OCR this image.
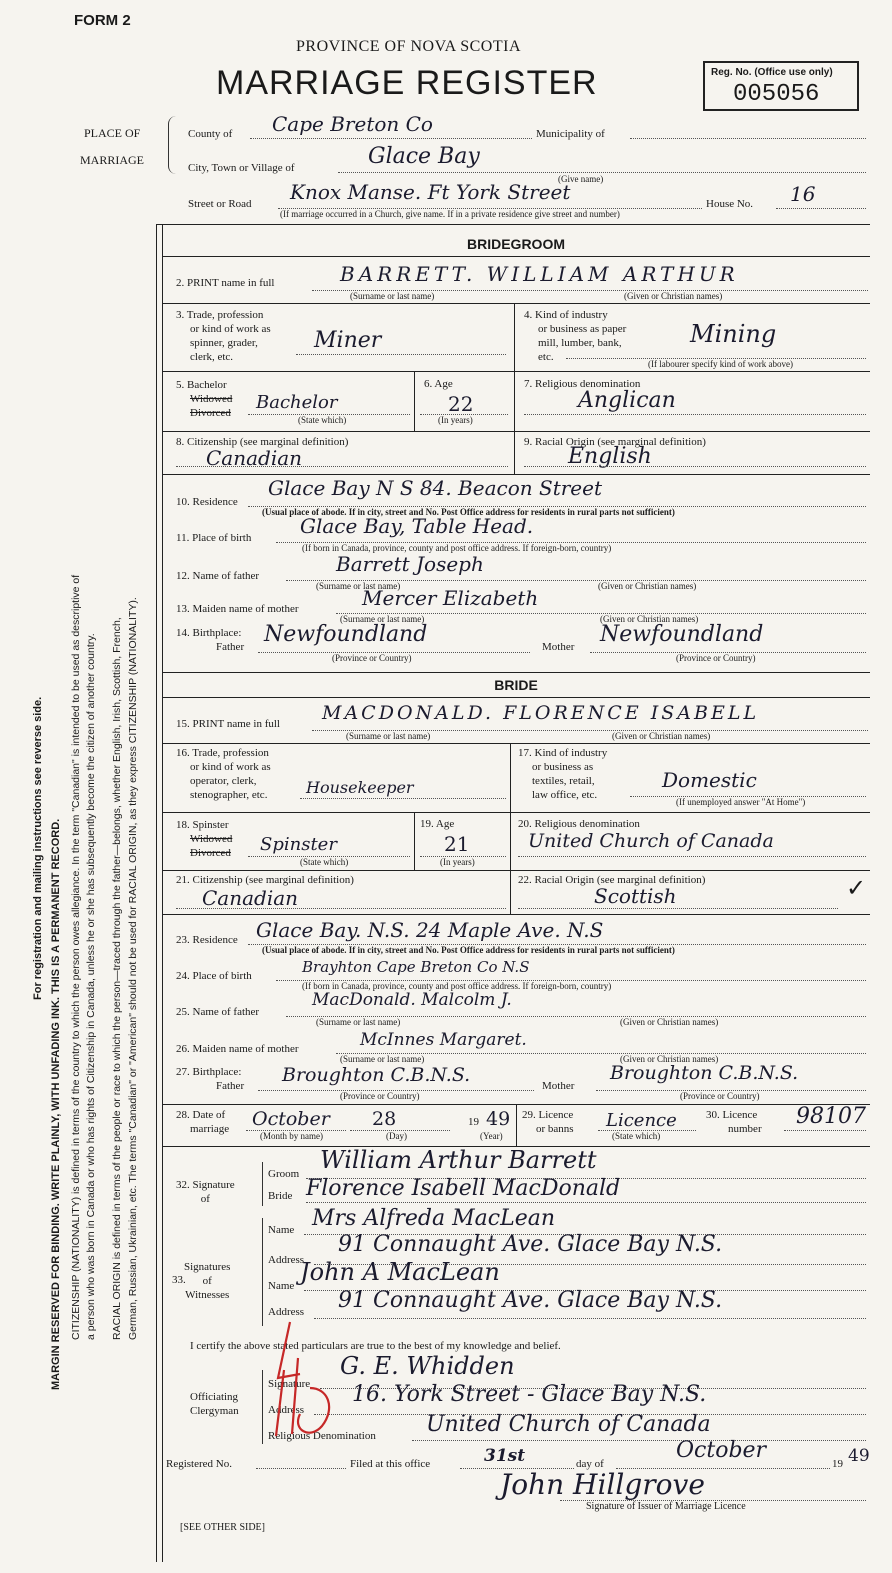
FORM 2
PROVINCE OF NOVA SCOTIA
MARRIAGE REGISTER	Reg. No. (Office use only)
005056
For registration and mailing instructions see reverse side. MARGIN RESERVED FOR BINDING. WRITE PLAINLY, WITH UNFADING INK. THIS IS A PERMANENT RECORD. CITIZENSHIP (NATIONALITY) is defined in terms of the country to which the person owes allegiance. In the term "Canadian" is intended to be used as descriptive of a person who was born in Canada or who has rights of Citizenship in Canada, unless he or she has subsequently become the citizen of another country. RACIAL ORIGIN is defined in terms of the people or race to which the person—traced through the father—belongs, whether English, Irish, Scottish, French, German, Russian, Ukrainian, etc. The terms "Canadian" or "American" should not be used for RACIAL ORIGIN, as they express CITIZENSHIP (NATIONALITY).
PLACE OF
MARRIAGE
County of Cape Breton Co	Municipality of
City, Town or Village of	Glace Bay
(Give name)
Street or Road Knox Manse. Ft York Street	House No. 16
(If marriage occurred in a Church, give name. If in a private residence give street and number)
BRIDEGROOM
2. PRINT name in full	BARRETT. WILLIAM ARTHUR
(Surname or last name)	(Given or Christian names)
3. Trade, profession
or kind of work as
spinner, grader,
clerk, etc.
Miner
4. Kind of industry
or business as paper
mill, lumber, bank,
etc.
Mining
(If labourer specify kind of work above)
5. Bachelor
Widowed
Divorced Bachelor
(State which)
6. Age
22
(In years)
7. Religious denomination
Anglican
8. Citizenship (see marginal definition)
Canadian
9. Racial Origin (see marginal definition)
English
10. Residence
Glace Bay N S 84. Beacon Street
(Usual place of abode. If in city, street and No. Post Office address for residents in rural parts not sufficient)
11. Place of birth Glace Bay, Table Head.
(If born in Canada, province, county and post office address. If foreign-born, country)
12. Name of father	Barrett Joseph
(Surname or last name)	(Given or Christian names)
13. Maiden name of mother	Mercer Elizabeth
(Surname or last name)	(Given or Christian names)
14. Birthplace:
Father Newfoundland
(Province or Country)
Mother Newfoundland
(Province or Country)
BRIDE
15. PRINT name in full MACDONALD. FLORENCE ISABELL
(Surname or last name)	(Given or Christian names)
16. Trade, profession
or kind of work as
operator, clerk,
stenographer, etc. Housekeeper
17. Kind of industry
or business as
textiles, retail,
law office, etc.
Domestic
(If unemployed answer "At Home")
18. Spinster
Widowed
Divorced Spinster
(State which)
19. Age
21
(In years)
20. Religious denomination
United Church of Canada
21. Citizenship (see marginal definition)
Canadian
22. Racial Origin (see marginal definition)
Scottish	✓
23. Residence Glace Bay. N.S. 24 Maple Ave. N.S
(Usual place of abode. If in city, street and No. Post Office address for residents in rural parts not sufficient)
24. Place of birth	Brayhton Cape Breton Co N.S
(If born in Canada, province, county and post office address. If foreign-born, country)
25. Name of father
MacDonald. Malcolm J.
(Surname or last name)	(Given or Christian names)
26. Maiden name of mother	McInnes Margaret.
(Surname or last name)	(Given or Christian names)
27. Birthplace:
Father Broughton C.B.N.S.
(Province or Country)
Mother
Broughton C.B.N.S.
(Province or Country)
28. Date of
marriage October
(Month by name)
28
(Day)
19 49
(Year)
29. Licence
or banns Licence
(State which)
30. Licence
number 98107
32. Signature
of
Groom William Arthur Barrett
Bride Florence Isabell MacDonald
Signatures
of
Witnesses
33.
Name Mrs Alfreda MacLean
Address
91 Connaught Ave. Glace Bay N.S.
Name John A MacLean
Address 91 Connaught Ave. Glace Bay N.S.
I certify the above stated particulars are true to the best of my knowledge and belief.
Officiating
Clergyman
Signature
G. E. Whidden
Address
16. York Street - Glace Bay N.S.
Religious Denomination United Church of Canada
Registered No.	Filed at this office	31st	day of
October
19 49
John Hillgrove
Signature of Issuer of Marriage Licence
[SEE OTHER SIDE]
